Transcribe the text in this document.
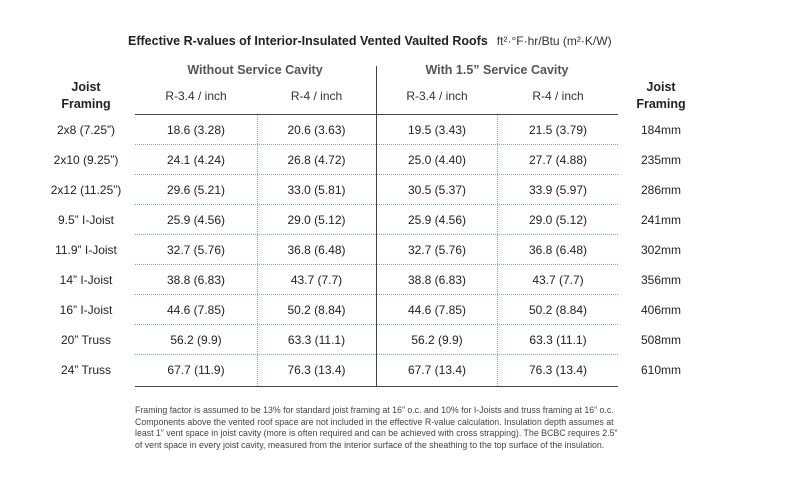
Effective R-values of Interior-Insulated Vented Vaulted Roofs ft²·°F·hr/Btu (m²·K/W)
Without Service Cavity	With 1.5” Service Cavity
Joist
Framing
Joist
Framing
R-3.4 / inch	R-4 / inch	R-3.4 / inch	R-4 / inch
2x8 (7.25”)	18.6 (3.28)	20.6 (3.63)	19.5 (3.43)	21.5 (3.79)	184mm
2x10 (9.25”)	24.1 (4.24)	26.8 (4.72)	25.0 (4.40)	27.7 (4.88)	235mm
2x12 (11.25”)	29.6 (5.21)	33.0 (5.81)	30.5 (5.37)	33.9 (5.97)	286mm
9.5” I-Joist	25.9 (4.56)	29.0 (5.12)	25.9 (4.56)	29.0 (5.12)	241mm
11.9” I-Joist	32.7 (5.76)	36.8 (6.48)	32.7 (5.76)	36.8 (6.48)	302mm
14” I-Joist	38.8 (6.83)	43.7 (7.7)	38.8 (6.83)	43.7 (7.7)	356mm
16” I-Joist	44.6 (7.85)	50.2 (8.84)	44.6 (7.85)	50.2 (8.84)	406mm
20” Truss	56.2 (9.9)	63.3 (11.1)	56.2 (9.9)	63.3 (11.1)	508mm
24” Truss	67.7 (11.9)	76.3 (13.4)	67.7 (13.4)	76.3 (13.4)	610mm
Framing factor is assumed to be 13% for standard joist framing at 16” o.c. and 10% for I-Joists and truss framing at 16” o.c. Components above the vented roof space are not included in the effective R-value calculation. Insulation depth assumes at least 1” vent space in joist cavity (more is often required and can be achieved with cross strapping). The BCBC requires 2.5” of vent space in every joist cavity, measured from the interior surface of the sheathing to the top surface of the insulation.
